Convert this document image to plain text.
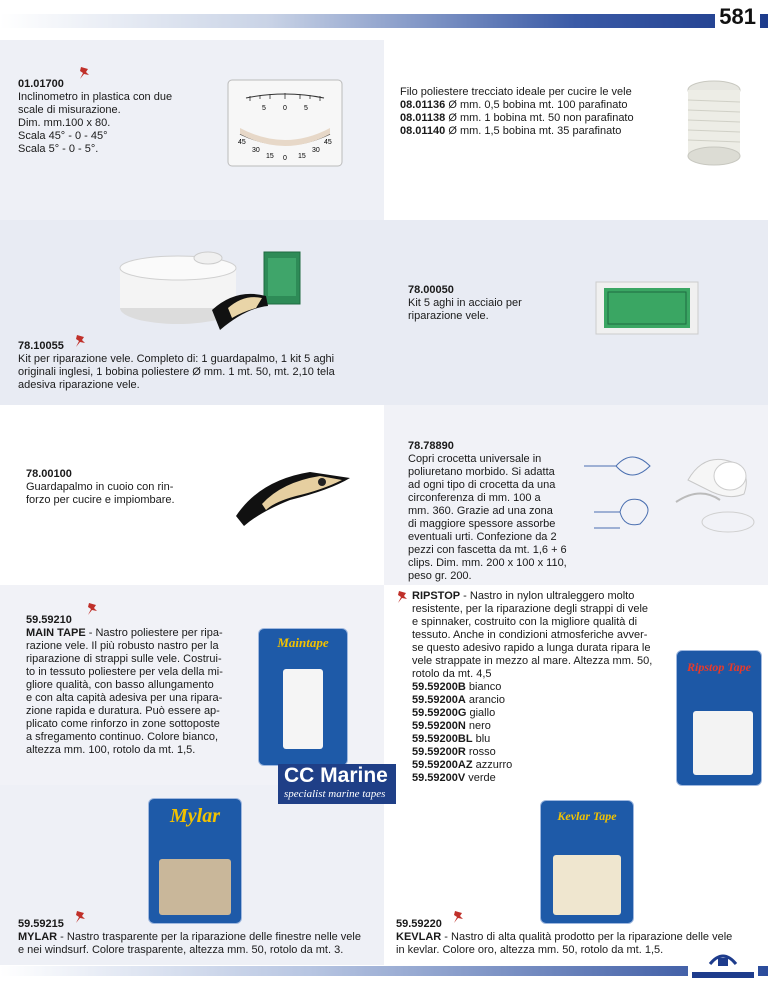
581
01.01700
Inclinometro in plastica con due
scale di misurazione.
Dim. mm.100 x 80.
Scala 45° - 0 - 45°
Scala 5° - 0 - 5°.
5 0 5
45
30
15 0 15
30
45
Filo poliestere trecciato ideale per cucire le vele
08.01136 Ø mm. 0,5 bobina mt. 100 parafinato
08.01138 Ø mm. 1 bobina mt. 50 non parafinato
08.01140 Ø mm. 1,5 bobina mt. 35 parafinato
78.10055
Kit per riparazione vele. Completo di: 1 guardapalmo, 1 kit 5 aghi
originali inglesi, 1 bobina poliestere Ø mm. 1 mt. 50, mt. 2,10 tela
adesiva riparazione vele.
78.00050
Kit 5 aghi in acciaio per
riparazione vele.
78.00100
Guardapalmo in cuoio con rin-
forzo per cucire e impiombare.
78.78890
Copri crocetta universale in
poliuretano morbido. Si adatta
ad ogni tipo di crocetta da una
circonferenza di mm. 100 a
mm. 360. Grazie ad una zona
di maggiore spessore assorbe
eventuali urti. Confezione da 2
pezzi con fascetta da mt. 1,6 + 6
clips. Dim. mm. 200 x 100 x 110,
peso gr. 200.
59.59210
MAIN TAPE - Nastro poliestere per ripa-
razione vele. Il più robusto nastro per la
riparazione di strappi sulle vele. Costrui-
to in tessuto poliestere per vela della mi-
gliore qualità, con basso allungamento
e con alta capità adesiva per una ripara-
zione rapida e duratura. Può essere ap-
plicato come rinforzo in zone sottoposte
a sfregamento continuo. Colore bianco,
altezza mm. 100, rotolo da mt. 1,5.
Maintape
RIPSTOP - Nastro in nylon ultraleggero molto
resistente, per la riparazione degli strappi di vele
e spinnaker, costruito con la migliore qualità di
tessuto. Anche in condizioni atmosferiche avver-
se questo adesivo rapido a lunga durata ripara le
vele strappate in mezzo al mare. Altezza mm. 50,
rotolo da mt. 4,5
59.59200B bianco
59.59200A arancio
59.59200G giallo
59.59200N nero
59.59200BL blu
59.59200R rosso
59.59200AZ azzurro
59.59200V verde
Ripstop Tape
CC Marine
specialist marine tapes
Mylar
59.59215
MYLAR - Nastro trasparente per la riparazione delle finestre nelle vele
e nei windsurf. Colore trasparente, altezza mm. 50, rotolo da mt. 3.
Kevlar Tape
59.59220
KEVLAR - Nastro di alta qualità prodotto per la riparazione delle vele
in kevlar. Colore oro, altezza mm. 50, rotolo da mt. 1,5.
